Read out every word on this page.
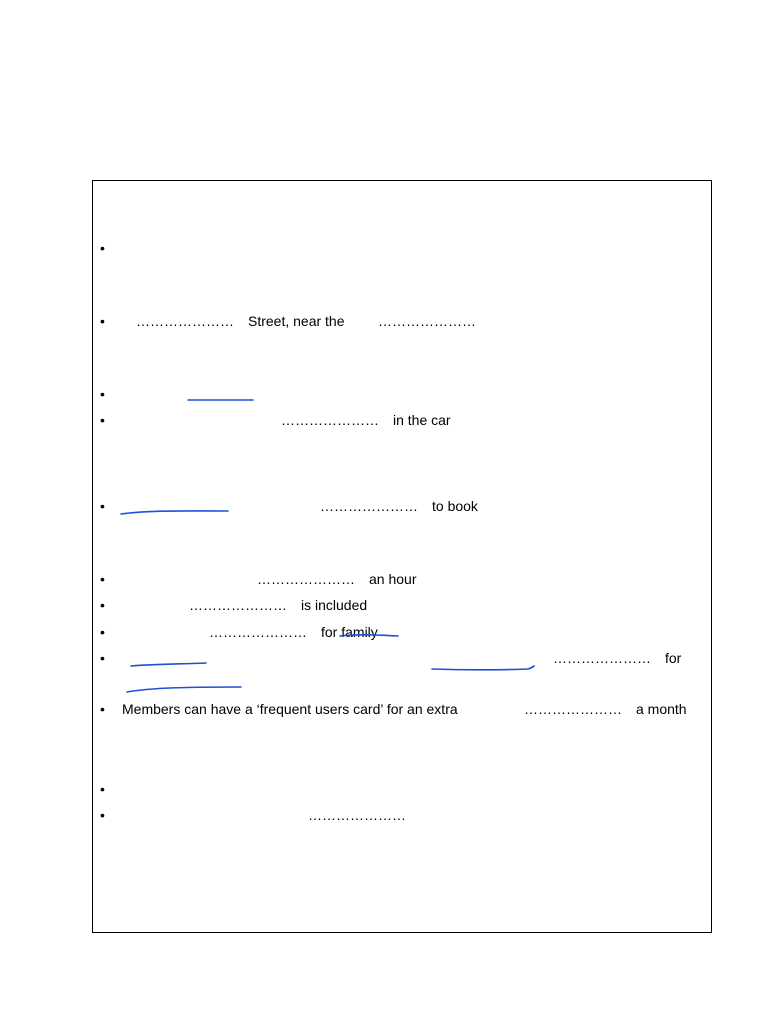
•
•
•
•
•
•
•
•
•
•
•
•
………………… Street, near the …………………
………………… in the car
………………… to book
………………… an hour
………………… is included
………………… for family
………………… for
Members can have a ‘frequent users card’ for an extra	………………… a month
…………………
